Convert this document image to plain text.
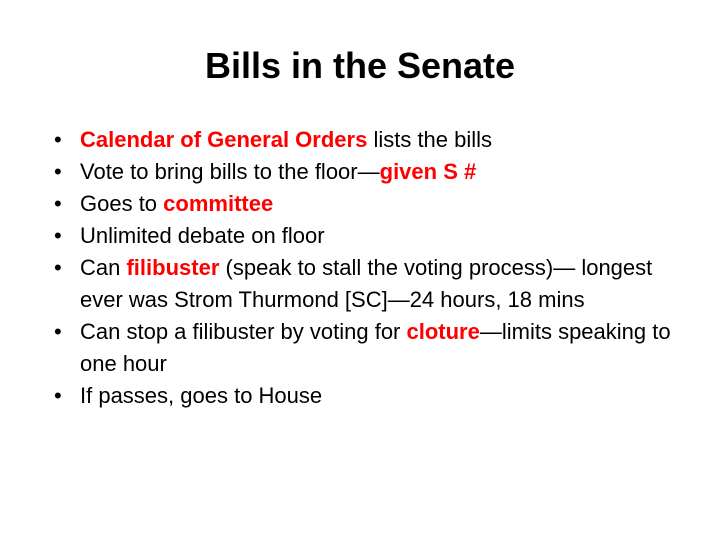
Bills in the Senate
• Calendar of General Orders lists the bills
• Vote to bring bills to the floor—given S #
• Goes to committee
• Unlimited debate on floor
• Can filibuster (speak to stall the voting process)— longest ever was Strom Thurmond [SC]—24 hours, 18 mins
• Can stop a filibuster by voting for cloture—limits speaking to one hour
• If passes, goes to House
